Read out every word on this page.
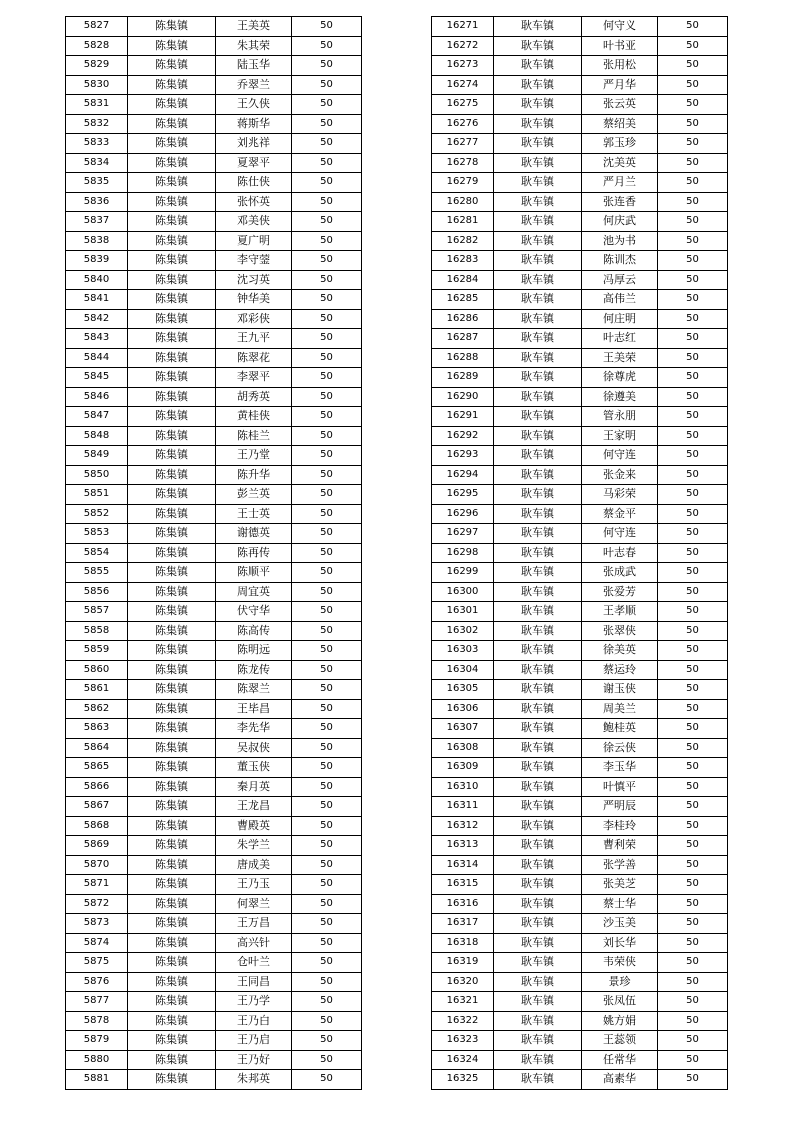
5827	陈集镇	王美英	50
5828	陈集镇	朱其荣	50
5829	陈集镇	陆玉华	50
5830	陈集镇	乔翠兰	50
5831	陈集镇	王久侠	50
5832	陈集镇	蒋斯华	50
5833	陈集镇	刘兆祥	50
5834	陈集镇	夏翠平	50
5835	陈集镇	陈仕侠	50
5836	陈集镇	张怀英	50
5837	陈集镇	邓美侠	50
5838	陈集镇	夏广明	50
5839	陈集镇	李守蓥	50
5840	陈集镇	沈习英	50
5841	陈集镇	钟华美	50
5842	陈集镇	邓彩侠	50
5843	陈集镇	王九平	50
5844	陈集镇	陈翠花	50
5845	陈集镇	李翠平	50
5846	陈集镇	胡秀英	50
5847	陈集镇	黄桂侠	50
5848	陈集镇	陈桂兰	50
5849	陈集镇	王乃堂	50
5850	陈集镇	陈升华	50
5851	陈集镇	彭兰英	50
5852	陈集镇	王士英	50
5853	陈集镇	谢德英	50
5854	陈集镇	陈再传	50
5855	陈集镇	陈顺平	50
5856	陈集镇	周宜英	50
5857	陈集镇	伏守华	50
5858	陈集镇	陈高传	50
5859	陈集镇	陈明远	50
5860	陈集镇	陈龙传	50
5861	陈集镇	陈翠兰	50
5862	陈集镇	王毕昌	50
5863	陈集镇	李先华	50
5864	陈集镇	吴叔侠	50
5865	陈集镇	董玉侠	50
5866	陈集镇	秦月英	50
5867	陈集镇	王龙昌	50
5868	陈集镇	曹殿英	50
5869	陈集镇	朱学兰	50
5870	陈集镇	唐成美	50
5871	陈集镇	王乃玉	50
5872	陈集镇	何翠兰	50
5873	陈集镇	王万昌	50
5874	陈集镇	高兴针	50
5875	陈集镇	仓叶兰	50
5876	陈集镇	王同昌	50
5877	陈集镇	王乃学	50
5878	陈集镇	王乃白	50
5879	陈集镇	王乃启	50
5880	陈集镇	王乃好	50
5881	陈集镇	朱邦英	50
16271	耿车镇	何守义	50
16272	耿车镇	叶书亚	50
16273	耿车镇	张用松	50
16274	耿车镇	严月华	50
16275	耿车镇	张云英	50
16276	耿车镇	蔡绍美	50
16277	耿车镇	郭玉珍	50
16278	耿车镇	沈美英	50
16279	耿车镇	严月兰	50
16280	耿车镇	张连香	50
16281	耿车镇	何庆武	50
16282	耿车镇	池为书	50
16283	耿车镇	陈训杰	50
16284	耿车镇	冯厚云	50
16285	耿车镇	高伟兰	50
16286	耿车镇	何庄明	50
16287	耿车镇	叶志红	50
16288	耿车镇	王美荣	50
16289	耿车镇	徐尊虎	50
16290	耿车镇	徐遵美	50
16291	耿车镇	管永朋	50
16292	耿车镇	王家明	50
16293	耿车镇	何守连	50
16294	耿车镇	张金来	50
16295	耿车镇	马彩荣	50
16296	耿车镇	蔡金平	50
16297	耿车镇	何守连	50
16298	耿车镇	叶志春	50
16299	耿车镇	张成武	50
16300	耿车镇	张爱芳	50
16301	耿车镇	王孝顺	50
16302	耿车镇	张翠侠	50
16303	耿车镇	徐美英	50
16304	耿车镇	蔡运玲	50
16305	耿车镇	谢玉侠	50
16306	耿车镇	周美兰	50
16307	耿车镇	鲍桂英	50
16308	耿车镇	徐云侠	50
16309	耿车镇	李玉华	50
16310	耿车镇	叶慎平	50
16311	耿车镇	严明辰	50
16312	耿车镇	李桂玲	50
16313	耿车镇	曹利荣	50
16314	耿车镇	张学善	50
16315	耿车镇	张美芝	50
16316	耿车镇	蔡士华	50
16317	耿车镇	沙玉美	50
16318	耿车镇	刘长华	50
16319	耿车镇	韦荣侠	50
16320	耿车镇	景珍	50
16321	耿车镇	张凤伍	50
16322	耿车镇	姚方娟	50
16323	耿车镇	王蕊领	50
16324	耿车镇	任常华	50
16325	耿车镇	高素华	50
